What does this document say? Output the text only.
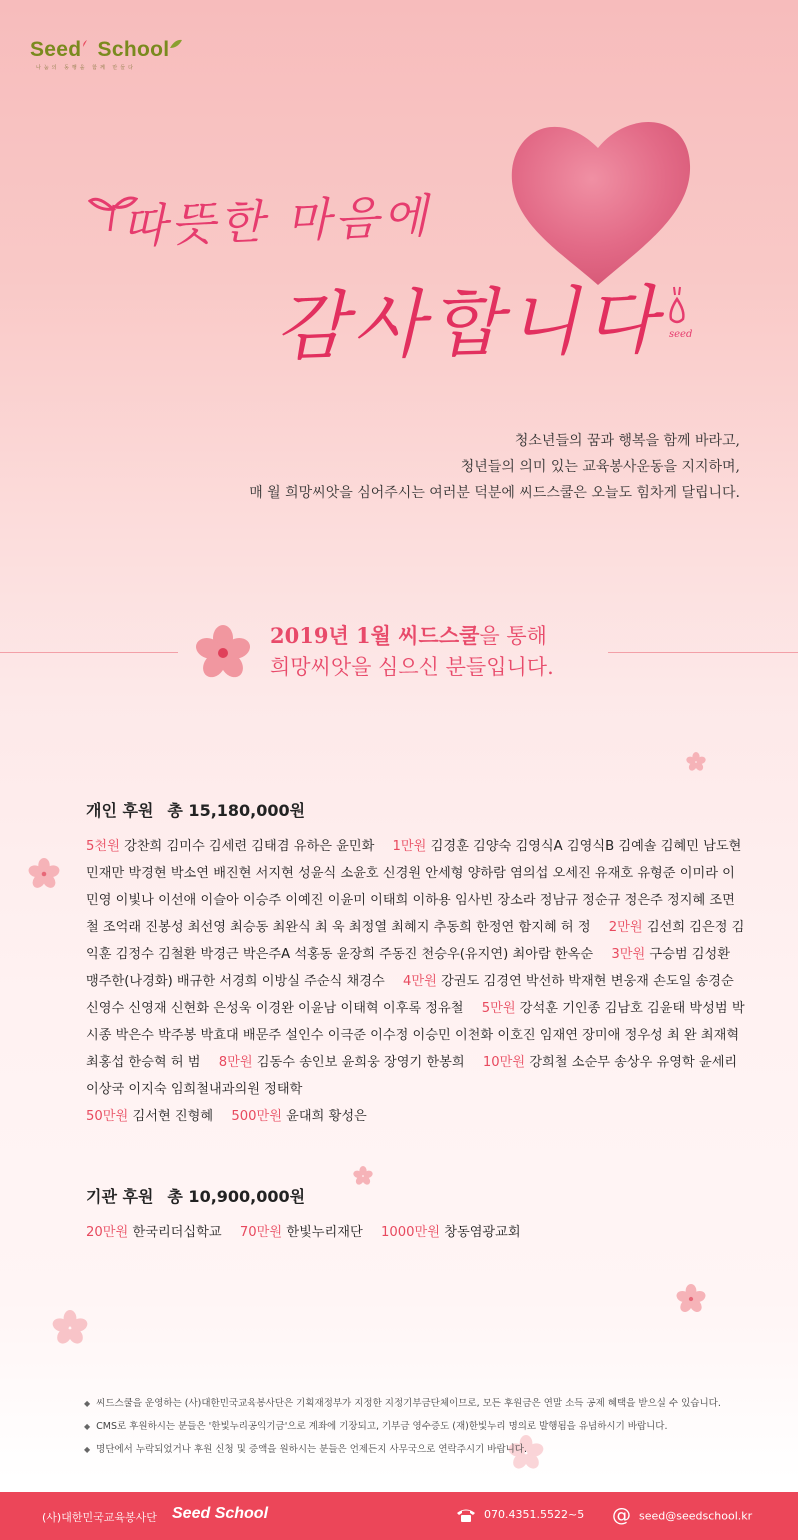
Seed School
나눔의 동행을 함께 만들다
따뜻한 마음에
감사합니다 seed
청소년들의 꿈과 행복을 함께 바라고,
청년들의 의미 있는 교육봉사운동을 지지하며,
매 월 희망씨앗을 심어주시는 여러분 덕분에 씨드스쿨은 오늘도 힘차게 달립니다.
2019년 1월 씨드스쿨을 통해
희망씨앗을 심으신 분들입니다.
개인 후원 총 15,180,000원
5천원 강찬희 김미수 김세련 김태겸 유하은 윤민화 1만원 김경훈 김양숙 김영식A 김영식B 김예솔 김혜민 남도현 민재만 박경현 박소연 배진현 서지현 성윤식 소윤호 신경원 안세형 양하람 염의섭 오세진 유재호 유형준 이미라 이민영 이빛나 이선애 이슬아 이승주 이예진 이윤미 이태희 이하용 임사빈 장소라 정남규 정순규 정은주 정지혜 조면철 조억래 진봉성 최선영 최승동 최완식 최 욱 최정열 최혜지 추동희 한정연 함지혜 허 정 2만원 김선희 김은정 김익훈 김정수 김철환 박경근 박은주A 석홍동 윤장희 주동진 천승우(유지연) 최아람 한옥순 3만원 구승범 김성환 맹주한(나경화) 배규한 서경희 이방실 주순식 채경수 4만원 강권도 김경연 박선하 박재현 변웅재 손도일 송경순 신영수 신영재 신현화 은성욱 이경완 이윤남 이태혁 이후록 정유철 5만원 강석훈 기인종 김남호 김윤태 박성범 박시종 박은수 박주봉 박효대 배문주 설인수 이극준 이수정 이승민 이천화 이호진 임재연 장미애 정우성 최 완 최재혁 최홍섭 한승혁 허 범 8만원 김동수 송인보 윤희웅 장영기 한봉희 10만원 강희철 소순무 송상우 유영학 윤세리 이상국 이지숙 임희철내과의원 정태학
50만원 김서현 진형혜 500만원 윤대희 황성은
기관 후원 총 10,900,000원
20만원 한국리더십학교 70만원 한빛누리재단 1000만원 창동염광교회
◆ 씨드스쿨을 운영하는 (사)대한민국교육봉사단은 기획재정부가 지정한 지정기부금단체이므로, 모든 후원금은 연말 소득 공제 혜택을 받으실 수 있습니다.
◆ CMS로 후원하시는 분들은 '한빛누리공익기금'으로 계좌에 기장되고, 기부금 영수증도 (재)한빛누리 명의로 발행됨을 유념하시기 바랍니다.
◆ 명단에서 누락되었거나 후원 신청 및 증액을 원하시는 분들은 언제든지 사무국으로 연락주시기 바랍니다.
(사)대한민국교육봉사단 Seed School	070.4351.5522~5 @ seed@seedschool.kr
